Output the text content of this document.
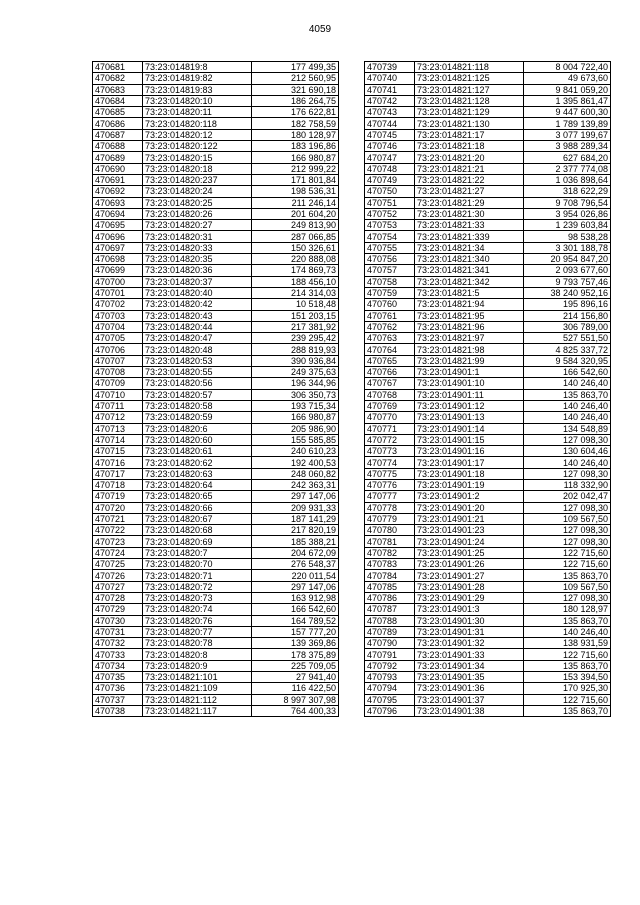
4059
470681	73:23:014819:8	177 499,35
470682	73:23:014819:82	212 560,95
470683	73:23:014819:83	321 690,18
470684	73:23:014820:10	186 264,75
470685	73:23:014820:11	176 622,81
470686	73:23:014820:118	182 758,59
470687	73:23:014820:12	180 128,97
470688	73:23:014820:122	183 196,86
470689	73:23:014820:15	166 980,87
470690	73:23:014820:18	212 999,22
470691	73:23:014820:237	171 801,84
470692	73:23:014820:24	198 536,31
470693	73:23:014820:25	211 246,14
470694	73:23:014820:26	201 604,20
470695	73:23:014820:27	249 813,90
470696	73:23:014820:31	287 066,85
470697	73:23:014820:33	150 326,61
470698	73:23:014820:35	220 888,08
470699	73:23:014820:36	174 869,73
470700	73:23:014820:37	188 456,10
470701	73:23:014820:40	214 314,03
470702	73:23:014820:42	10 518,48
470703	73:23:014820:43	151 203,15
470704	73:23:014820:44	217 381,92
470705	73:23:014820:47	239 295,42
470706	73:23:014820:48	288 819,93
470707	73:23:014820:53	390 936,84
470708	73:23:014820:55	249 375,63
470709	73:23:014820:56	196 344,96
470710	73:23:014820:57	306 350,73
470711	73:23:014820:58	193 715,34
470712	73:23:014820:59	166 980,87
470713	73:23:014820:6	205 986,90
470714	73:23:014820:60	155 585,85
470715	73:23:014820:61	240 610,23
470716	73:23:014820:62	192 400,53
470717	73:23:014820:63	248 060,82
470718	73:23:014820:64	242 363,31
470719	73:23:014820:65	297 147,06
470720	73:23:014820:66	209 931,33
470721	73:23:014820:67	187 141,29
470722	73:23:014820:68	217 820,19
470723	73:23:014820:69	185 388,21
470724	73:23:014820:7	204 672,09
470725	73:23:014820:70	276 548,37
470726	73:23:014820:71	220 011,54
470727	73:23:014820:72	297 147,06
470728	73:23:014820:73	163 912,98
470729	73:23:014820:74	166 542,60
470730	73:23:014820:76	164 789,52
470731	73:23:014820:77	157 777,20
470732	73:23:014820:78	139 369,86
470733	73:23:014820:8	178 375,89
470734	73:23:014820:9	225 709,05
470735	73:23:014821:101	27 941,40
470736	73:23:014821:109	116 422,50
470737	73:23:014821:112	8 997 307,98
470738	73:23:014821:117	764 400,33
470739	73:23:014821:118	8 004 722,40
470740	73:23:014821:125	49 673,60
470741	73:23:014821:127	9 841 059,20
470742	73:23:014821:128	1 395 861,47
470743	73:23:014821:129	9 447 600,30
470744	73:23:014821:130	1 789 139,89
470745	73:23:014821:17	3 077 199,67
470746	73:23:014821:18	3 988 289,34
470747	73:23:014821:20	627 684,20
470748	73:23:014821:21	2 377 774,08
470749	73:23:014821:22	1 036 898,64
470750	73:23:014821:27	318 622,29
470751	73:23:014821:29	9 708 796,54
470752	73:23:014821:30	3 954 026,86
470753	73:23:014821:33	1 239 603,84
470754	73:23:014821:339	98 538,28
470755	73:23:014821:34	3 301 188,78
470756	73:23:014821:340	20 954 847,20
470757	73:23:014821:341	2 093 677,60
470758	73:23:014821:342	9 793 757,46
470759	73:23:014821:5	38 240 952,16
470760	73:23:014821:94	195 896,16
470761	73:23:014821:95	214 156,80
470762	73:23:014821:96	306 789,00
470763	73:23:014821:97	527 551,50
470764	73:23:014821:98	4 825 337,72
470765	73:23:014821:99	9 584 320,95
470766	73:23:014901:1	166 542,60
470767	73:23:014901:10	140 246,40
470768	73:23:014901:11	135 863,70
470769	73:23:014901:12	140 246,40
470770	73:23:014901:13	140 246,40
470771	73:23:014901:14	134 548,89
470772	73:23:014901:15	127 098,30
470773	73:23:014901:16	130 604,46
470774	73:23:014901:17	140 246,40
470775	73:23:014901:18	127 098,30
470776	73:23:014901:19	118 332,90
470777	73:23:014901:2	202 042,47
470778	73:23:014901:20	127 098,30
470779	73:23:014901:21	109 567,50
470780	73:23:014901:23	127 098,30
470781	73:23:014901:24	127 098,30
470782	73:23:014901:25	122 715,60
470783	73:23:014901:26	122 715,60
470784	73:23:014901:27	135 863,70
470785	73:23:014901:28	109 567,50
470786	73:23:014901:29	127 098,30
470787	73:23:014901:3	180 128,97
470788	73:23:014901:30	135 863,70
470789	73:23:014901:31	140 246,40
470790	73:23:014901:32	138 931,59
470791	73:23:014901:33	122 715,60
470792	73:23:014901:34	135 863,70
470793	73:23:014901:35	153 394,50
470794	73:23:014901:36	170 925,30
470795	73:23:014901:37	122 715,60
470796	73:23:014901:38	135 863,70
